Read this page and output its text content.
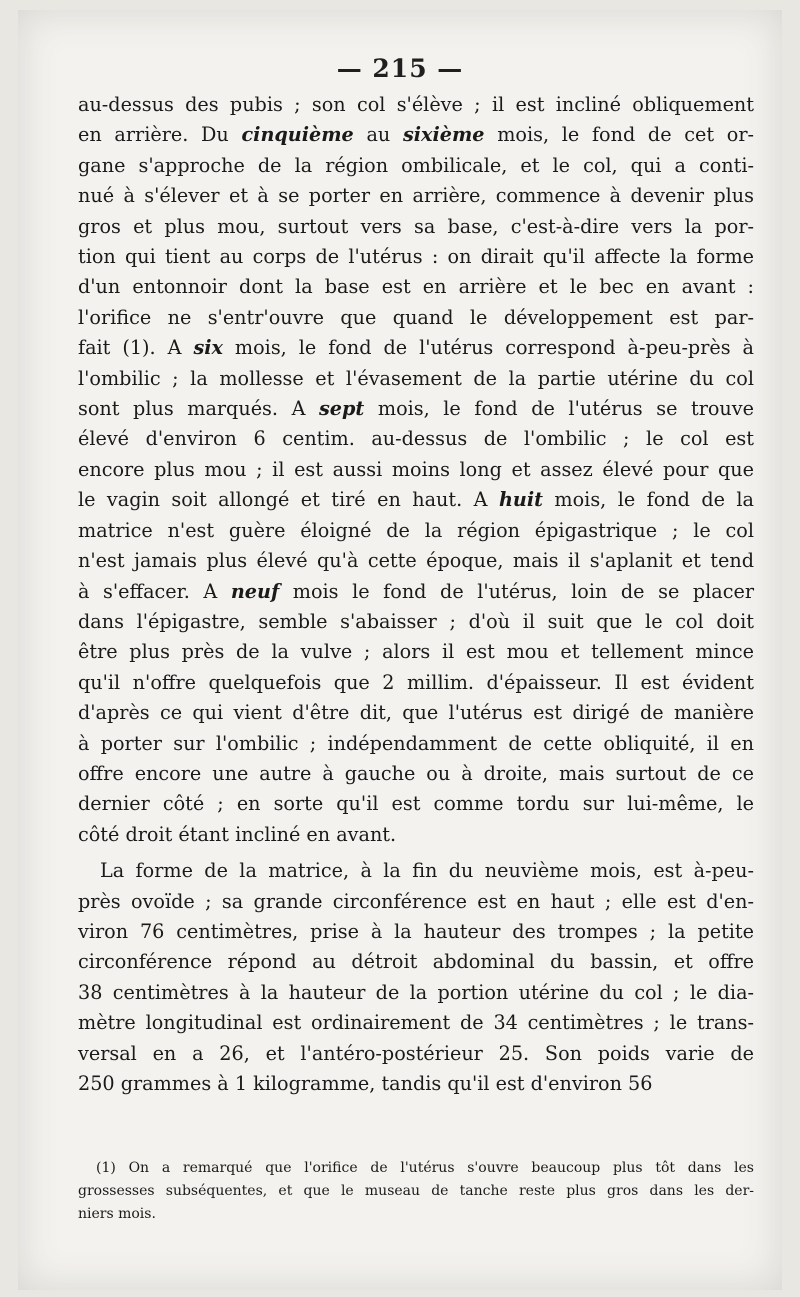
— 215 —
au-dessus des pubis ; son col s'élève ; il est incliné obliquement
en arrière. Du cinquième au sixième mois, le fond de cet or-
gane s'approche de la région ombilicale, et le col, qui a conti-
nué à s'élever et à se porter en arrière, commence à devenir plus
gros et plus mou, surtout vers sa base, c'est-à-dire vers la por-
tion qui tient au corps de l'utérus : on dirait qu'il affecte la forme
d'un entonnoir dont la base est en arrière et le bec en avant :
l'orifice ne s'entr'ouvre que quand le développement est par-
fait (1). A six mois, le fond de l'utérus correspond à-peu-près à
l'ombilic ; la mollesse et l'évasement de la partie utérine du col
sont plus marqués. A sept mois, le fond de l'utérus se trouve
élevé d'environ 6 centim. au-dessus de l'ombilic ; le col est
encore plus mou ; il est aussi moins long et assez élevé pour que
le vagin soit allongé et tiré en haut. A huit mois, le fond de la
matrice n'est guère éloigné de la région épigastrique ; le col
n'est jamais plus élevé qu'à cette époque, mais il s'aplanit et tend
à s'effacer. A neuf mois le fond de l'utérus, loin de se placer
dans l'épigastre, semble s'abaisser ; d'où il suit que le col doit
être plus près de la vulve ; alors il est mou et tellement mince
qu'il n'offre quelquefois que 2 millim. d'épaisseur. Il est évident
d'après ce qui vient d'être dit, que l'utérus est dirigé de manière
à porter sur l'ombilic ; indépendamment de cette obliquité, il en
offre encore une autre à gauche ou à droite, mais surtout de ce
dernier côté ; en sorte qu'il est comme tordu sur lui-même, le
côté droit étant incliné en avant.
La forme de la matrice, à la fin du neuvième mois, est à-peu-
près ovoïde ; sa grande circonférence est en haut ; elle est d'en-
viron 76 centimètres, prise à la hauteur des trompes ; la petite
circonférence répond au détroit abdominal du bassin, et offre
38 centimètres à la hauteur de la portion utérine du col ; le dia-
mètre longitudinal est ordinairement de 34 centimètres ; le trans-
versal en a 26, et l'antéro-postérieur 25. Son poids varie de
250 grammes à 1 kilogramme, tandis qu'il est d'environ 56
(1) On a remarqué que l'orifice de l'utérus s'ouvre beaucoup plus tôt dans les
grossesses subséquentes, et que le museau de tanche reste plus gros dans les der-
niers mois.
